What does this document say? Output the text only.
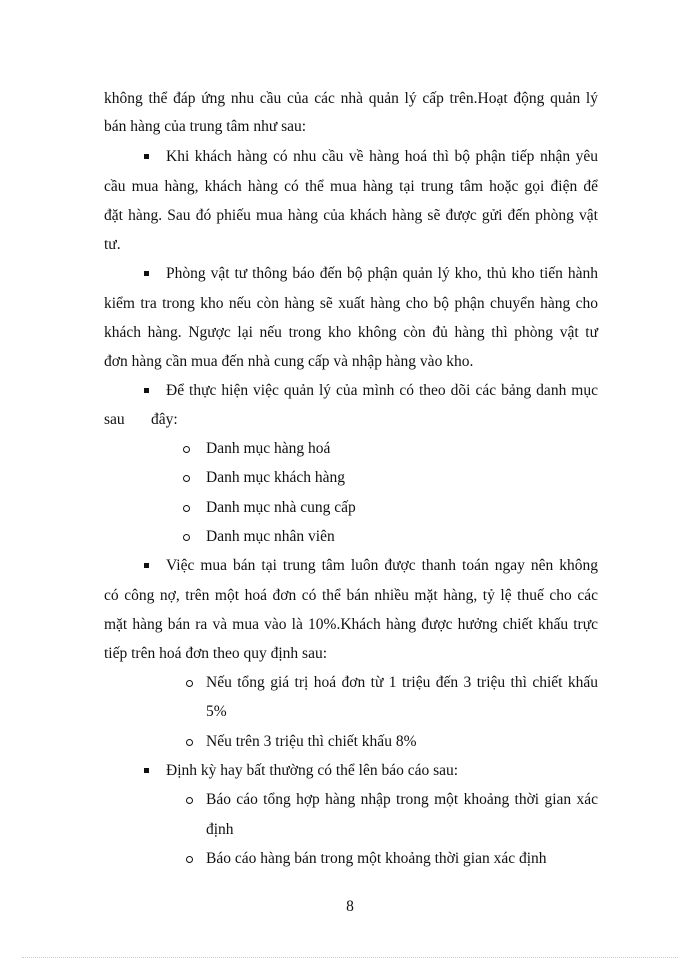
không thể đáp ứng nhu cầu của các nhà quản lý cấp trên.Hoạt động quản lý
bán hàng của trung tâm như sau:
Khi khách hàng có nhu cầu về hàng hoá thì bộ phận tiếp nhận yêu
cầu mua hàng, khách hàng có thể mua hàng tại trung tâm hoặc gọi điện để
đặt hàng. Sau đó phiếu mua hàng của khách hàng sẽ được gửi đến phòng vật
tư.
Phòng vật tư thông báo đến bộ phận quản lý kho, thủ kho tiến hành
kiểm tra trong kho nếu còn hàng sẽ xuất hàng cho bộ phận chuyển hàng cho
khách hàng. Ngược lại nếu trong kho không còn đủ hàng thì phòng vật tư
đơn hàng cần mua đến nhà cung cấp và nhập hàng vào kho.
Để thực hiện việc quản lý của mình có theo dõi các bảng danh mục
sau đây:
Danh mục hàng hoá
Danh mục khách hàng
Danh mục nhà cung cấp
Danh mục nhân viên
Việc mua bán tại trung tâm luôn được thanh toán ngay nên không
có công nợ, trên một hoá đơn có thể bán nhiều mặt hàng, tỷ lệ thuế cho các
mặt hàng bán ra và mua vào là 10%.Khách hàng được hưởng chiết khấu trực
tiếp trên hoá đơn theo quy định sau:
Nếu tổng giá trị hoá đơn từ 1 triệu đến 3 triệu thì chiết khấu
5%
Nếu trên 3 triệu thì chiết khấu 8%
Định kỳ hay bất thường có thể lên báo cáo sau:
Báo cáo tổng hợp hàng nhập trong một khoảng thời gian xác
định
Báo cáo hàng bán trong một khoảng thời gian xác định
8
